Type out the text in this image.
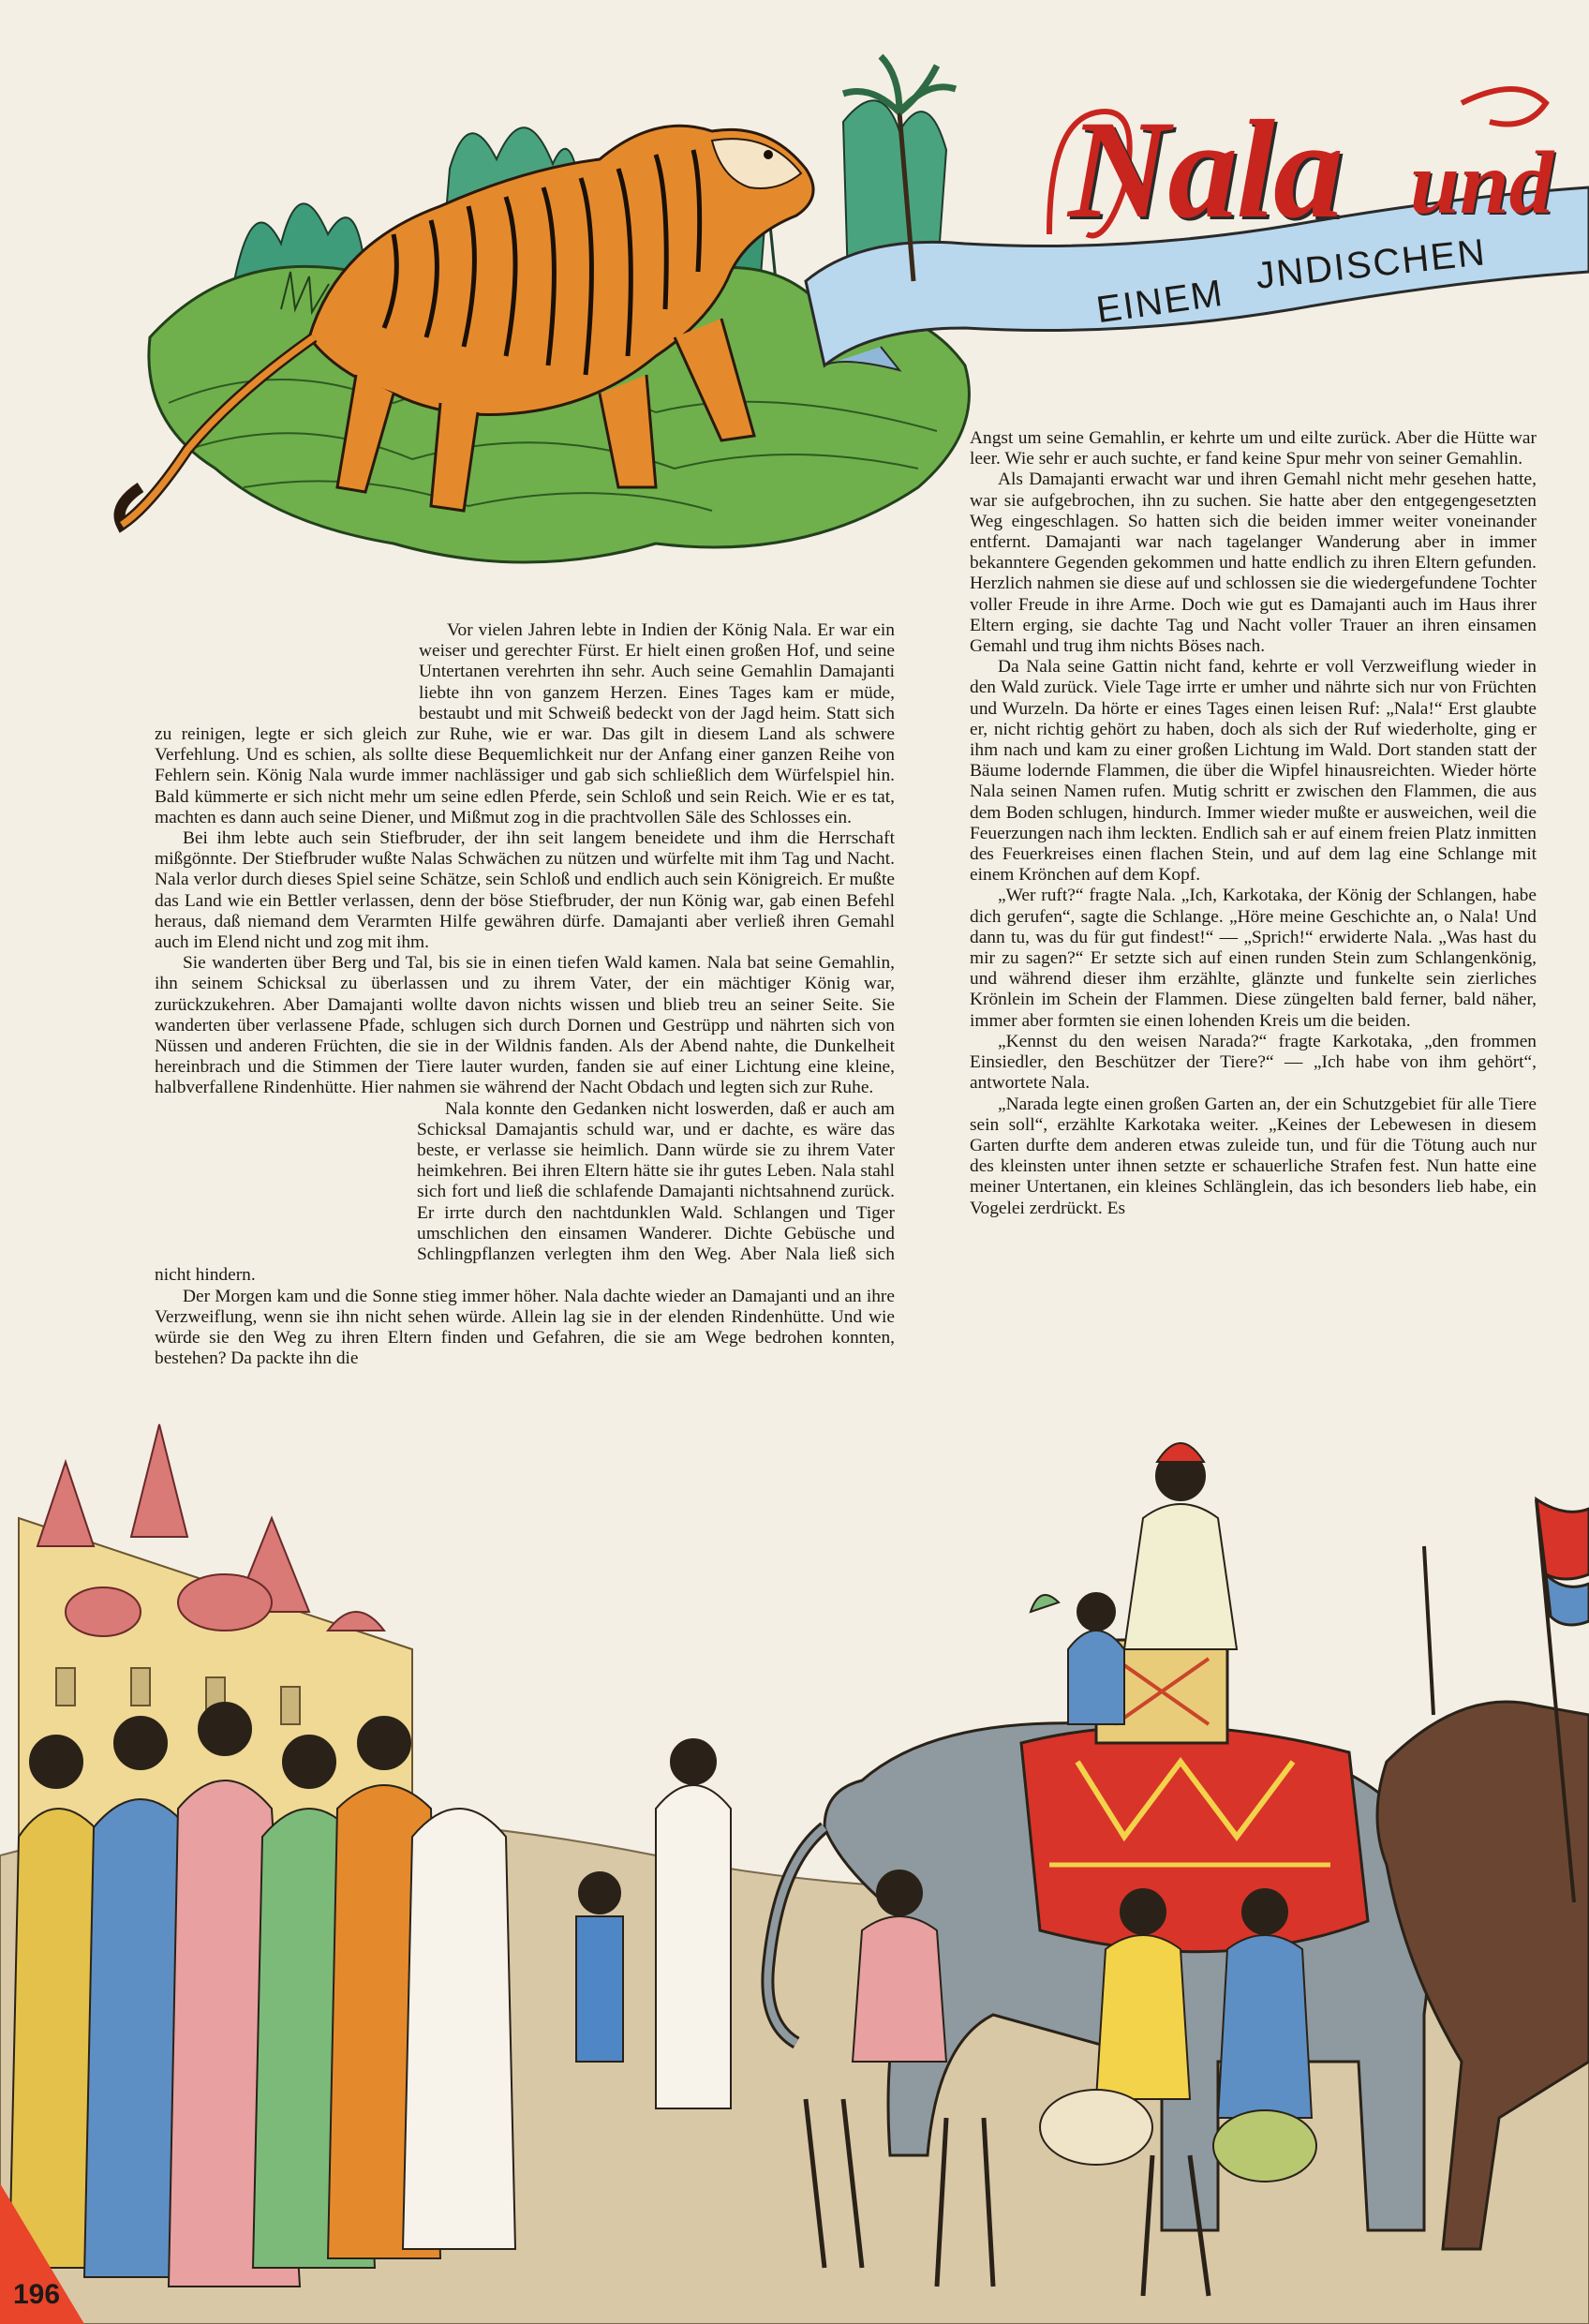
Nala und
EINEM
JNDISCHEN

Vor vielen Jahren lebte in Indien der König Nala. Er war ein weiser und gerechter Fürst. Er hielt einen großen Hof, und seine Untertanen verehrten ihn sehr. Auch seine Gemahlin Damajanti liebte ihn von ganzem Herzen. Eines Tages kam er müde, bestaubt und mit Schweiß bedeckt von der Jagd heim. Statt sich zu reinigen, legte er sich gleich zur Ruhe, wie er war. Das gilt in diesem Land als schwere Verfehlung. Und es schien, als sollte diese Bequemlichkeit nur der Anfang einer ganzen Reihe von Fehlern sein. König Nala wurde immer nachlässiger und gab sich schließlich dem Würfelspiel hin. Bald kümmerte er sich nicht mehr um seine edlen Pferde, sein Schloß und sein Reich. Wie er es tat, machten es dann auch seine Diener, und Mißmut zog in die prachtvollen Säle des Schlosses ein.

Bei ihm lebte auch sein Stiefbruder, der ihn seit langem beneidete und ihm die Herrschaft mißgönnte. Der Stiefbruder wußte Nalas Schwächen zu nützen und würfelte mit ihm Tag und Nacht. Nala verlor durch dieses Spiel seine Schätze, sein Schloß und endlich auch sein Königreich. Er mußte das Land wie ein Bettler verlassen, denn der böse Stiefbruder, der nun König war, gab einen Befehl heraus, daß niemand dem Verarmten Hilfe gewähren dürfe. Damajanti aber verließ ihren Gemahl auch im Elend nicht und zog mit ihm.

Sie wanderten über Berg und Tal, bis sie in einen tiefen Wald kamen. Nala bat seine Gemahlin, ihn seinem Schicksal zu überlassen und zu ihrem Vater, der ein mächtiger König war, zurückzukehren. Aber Damajanti wollte davon nichts wissen und blieb treu an seiner Seite. Sie wanderten über verlassene Pfade, schlugen sich durch Dornen und Gestrüpp und nährten sich von Nüssen und anderen Früchten, die sie in der Wildnis fanden. Als der Abend nahte, die Dunkelheit hereinbrach und die Stimmen der Tiere lauter wurden, fanden sie auf einer Lichtung eine kleine, halbverfallene Rindenhütte. Hier nahmen sie während der Nacht Obdach und legten sich zur Ruhe.

Nala konnte den Gedanken nicht loswerden, daß er auch am Schicksal Damajantis schuld war, und er dachte, es wäre das beste, er verlasse sie heimlich. Dann würde sie zu ihrem Vater heimkehren. Bei ihren Eltern hätte sie ihr gutes Leben. Nala stahl sich fort und ließ die schlafende Damajanti nichtsahnend zurück. Er irrte durch den nachtdunklen Wald. Schlangen und Tiger umschlichen den einsamen Wanderer. Dichte Gebüsche und Schlingpflanzen verlegten ihm den Weg. Aber Nala ließ sich nicht hindern.

Der Morgen kam und die Sonne stieg immer höher. Nala dachte wieder an Damajanti und an ihre Verzweiflung, wenn sie ihn nicht sehen würde. Allein lag sie in der elenden Rindenhütte. Und wie würde sie den Weg zu ihren Eltern finden und Gefahren, die sie am Wege bedrohen konnten, bestehen? Da packte ihn die

Angst um seine Gemahlin, er kehrte um und eilte zurück. Aber die Hütte war leer. Wie sehr er auch suchte, er fand keine Spur mehr von seiner Gemahlin.

Als Damajanti erwacht war und ihren Gemahl nicht mehr gesehen hatte, war sie aufgebrochen, ihn zu suchen. Sie hatte aber den entgegengesetzten Weg eingeschlagen. So hatten sich die beiden immer weiter voneinander entfernt. Damajanti war nach tagelanger Wanderung aber in immer bekanntere Gegenden gekommen und hatte endlich zu ihren Eltern gefunden. Herzlich nahmen sie diese auf und schlossen sie die wiedergefundene Tochter voller Freude in ihre Arme. Doch wie gut es Damajanti auch im Haus ihrer Eltern erging, sie dachte Tag und Nacht voller Trauer an ihren einsamen Gemahl und trug ihm nichts Böses nach.

Da Nala seine Gattin nicht fand, kehrte er voll Verzweiflung wieder in den Wald zurück. Viele Tage irrte er umher und nährte sich nur von Früchten und Wurzeln. Da hörte er eines Tages einen leisen Ruf: „Nala!“ Erst glaubte er, nicht richtig gehört zu haben, doch als sich der Ruf wiederholte, ging er ihm nach und kam zu einer großen Lichtung im Wald. Dort standen statt der Bäume lodernde Flammen, die über die Wipfel hinausreichten. Wieder hörte Nala seinen Namen rufen. Mutig schritt er zwischen den Flammen, die aus dem Boden schlugen, hindurch. Immer wieder mußte er ausweichen, weil die Feuerzungen nach ihm leckten. Endlich sah er auf einem freien Platz inmitten des Feuerkreises einen flachen Stein, und auf dem lag eine Schlange mit einem Krönchen auf dem Kopf.

„Wer ruft?“ fragte Nala. „Ich, Karkotaka, der König der Schlangen, habe dich gerufen“, sagte die Schlange. „Höre meine Geschichte an, o Nala! Und dann tu, was du für gut findest!“ — „Sprich!“ erwiderte Nala. „Was hast du mir zu sagen?“ Er setzte sich auf einen runden Stein zum Schlangenkönig, und während dieser ihm erzählte, glänzte und funkelte sein zierliches Krönlein im Schein der Flammen. Diese züngelten bald ferner, bald näher, immer aber formten sie einen lohenden Kreis um die beiden.

„Kennst du den weisen Narada?“ fragte Karkotaka, „den frommen Einsiedler, den Beschützer der Tiere?“ — „Ich habe von ihm gehört“, antwortete Nala.

„Narada legte einen großen Garten an, der ein Schutzgebiet für alle Tiere sein soll“, erzählte Karkotaka weiter. „Keines der Lebewesen in diesem Garten durfte dem anderen etwas zuleide tun, und für die Tötung auch nur des kleinsten unter ihnen setzte er schauerliche Strafen fest. Nun hatte eine meiner Untertanen, ein kleines Schlänglein, das ich besonders lieb habe, ein Vogelei zerdrückt. Es

196
